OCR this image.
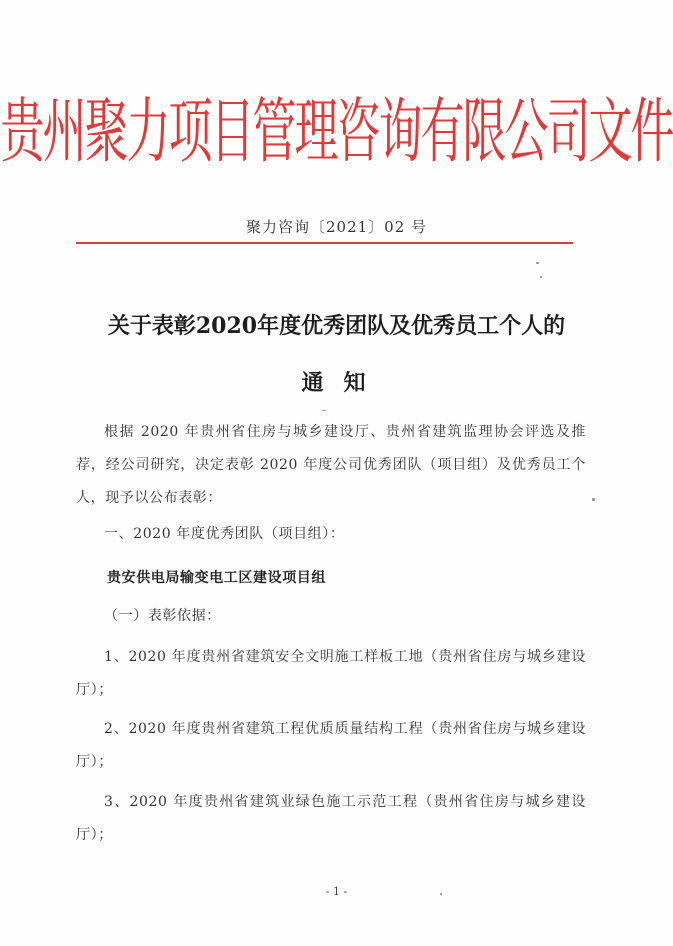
贵州聚力项目管理咨询有限公司文件
聚力咨询〔2021〕02 号
关于表彰2020年度优秀团队及优秀员工个人的
通知
根据 2020 年贵州省住房与城乡建设厅、贵州省建筑监理协会评选及推荐，经公司研究，决定表彰 2020 年度公司优秀团队（项目组）及优秀员工个人，现予以公布表彰：
一、2020 年度优秀团队（项目组）：
贵安供电局输变电工区建设项目组
（一）表彰依据：
1、2020 年度贵州省建筑安全文明施工样板工地（贵州省住房与城乡建设厅）；
2、2020 年度贵州省建筑工程优质质量结构工程（贵州省住房与城乡建设厅）；
3、2020 年度贵州省建筑业绿色施工示范工程（贵州省住房与城乡建设厅）；
- 1 -
